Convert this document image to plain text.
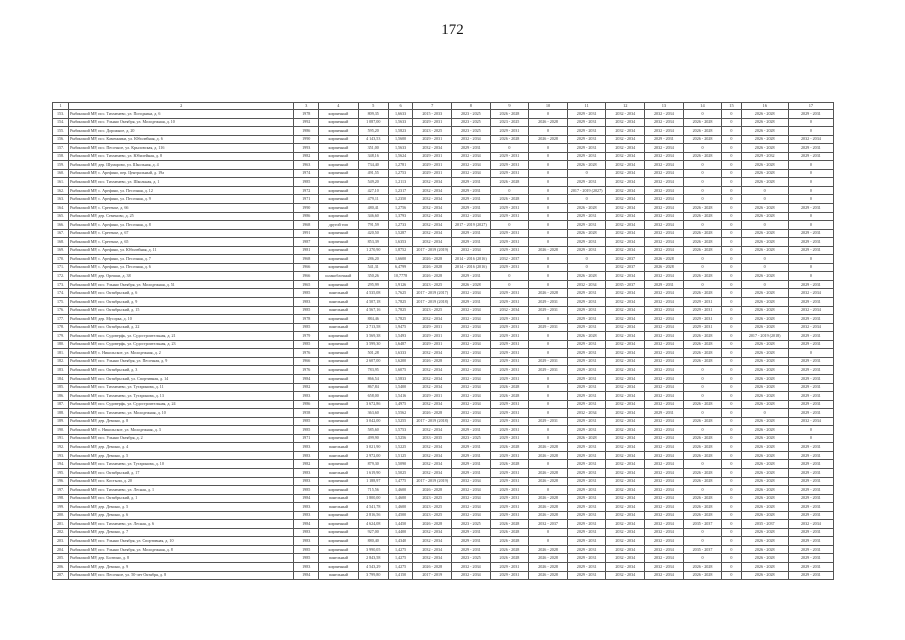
172
1	2	3	4	5	6	7	8	9	10	11	12	13	14	15	16	17
153.	Рыбинский МР, пос. Тихменево, ул. Погодкина, д. 6	1978	кирпичный	809,35	1,6633	2015 - 2033	2023 - 2025	2026 - 2028	0	2029 - 2031	2032 - 2034	2032 - 2034	0	0	2026 - 2028	2029 - 2031
154.	Рыбинский МР, пос. Ульяно Октября, ул. Молодежная, д. 10	1992	кирпичный	1 087,00	1,5633	2029 - 2031	2023 - 2025	2023 - 2025	2026 - 2028	2029 - 2031	2032 - 2034	2032 - 2034	2026 - 2028	0	2026 - 2028	0
155.	Рыбинский МР, пос. Дорожное, д. 20	1986	кирпичный	595,20	1,5823	2023 - 2025	2023 - 2025	2029 - 2031	0	2029 - 2031	2032 - 2034	2032 - 2034	2026 - 2028	0	2026 - 2028	0
156.	Рыбинский МР, пос. Каменники, ул. Юбилейная, д. 6	1990	кирпичный	4 143,53	1,5600	2029 - 2031	2032 - 2034	2026 - 2028	2026 - 2028	2029 - 2031	2032 - 2034	2029 - 2031	2026 - 2028	0	2026 - 2028	2032 - 2034
157.	Рыбинский МР, пос. Песочное, ул. Крыловская, д. 116	1993	кирпичный	351,00	1,5633	2032 - 2034	2029 - 2031	0	0	2029 - 2031	2032 - 2034	2032 - 2034	0	0	2026 - 2028	2029 - 2031
158.	Рыбинский МР, пос. Тихменево, ул. Юбилейная, д. 8	1982	кирпичный	348,16	1,5624	2029 - 2031	2032 - 2034	2029 - 2031	0	2029 - 2031	2032 - 2034	2032 - 2034	2026 - 2028	0	2029 - 2032	2029 - 2031
159.	Рыбинский МР, дер. Шумарово, ул. Школьная, д. 4	1963	кирпичный	734,40	1,2781	2029 - 2031	2032 - 2034	2029 - 2031	0	2026 - 2028	2032 - 2034	2032 - 2034	0	0	2026 - 2028	0
160.	Рыбинский МР, с. Арефино, пер. Центральный, д. 19а	1974	кирпичный	491,55	1,2753	2029 - 2031	2032 - 2034	2029 - 2031	0	0	2032 - 2034	2032 - 2034	0	0	2026 - 2028	0
161.	Рыбинский МР, пос. Тихменево, ул. Школьная, д. 1	1985	кирпичный	549,20	1,2113	2032 - 2034	2029 - 2031	2026 - 2028	0	2029 - 2031	2032 - 2034	2032 - 2034	0	0	2026 - 2028	0
162.	Рыбинский МР, с. Арефино, ул. Песочная, д. 12	1972	кирпичный	427,10	1,2317	2032 - 2034	2029 - 2031	0	0	2017 - 2019 (2027)	2032 - 2034	2032 - 2034	0	0	0	0
163.	Рыбинский МР, с. Арефино, ул. Песочная, д. 9	1971	кирпичный	479,11	1,2350	2032 - 2034	2029 - 2031	2026 - 2028	0	0	2032 - 2034	2032 - 2034	0	0	0	0
164.	Рыбинский МР, с. Сретенье, д. 66	1990	кирпичный	480,41	1,2756	2032 - 2034	2029 - 2031	2029 - 2031	0	2026 - 2028	2032 - 2034	2032 - 2034	2026 - 2028	0	2026 - 2028	2029 - 2031
165.	Рыбинский МР, дер. Семеново, д. 25	1986	кирпичный	346,60	1,3793	2032 - 2034	2032 - 2034	2029 - 2031	0	2029 - 2031	2032 - 2034	2032 - 2034	2026 - 2028	0	2026 - 2028	0
166.	Рыбинский МР, с. Арефино, ул. Песочная, д. 8	1968	другой тип	791,59	1,2733	2032 - 2034	2017 - 2019 (2027)	0	0	2029 - 2031	2032 - 2034	2032 - 2034	0	0	0	0
167.	Рыбинский МР, с. Сретенье, д. 67	1991	кирпичный	420,50	1,5287	2032 - 2034	2029 - 2031	2029 - 2031	0	2026 - 2028	2032 - 2034	2032 - 2034	2026 - 2028	0	2026 - 2028	2029 - 2031
168.	Рыбинский МР, с. Сретенье, д. 65	1987	кирпичный	853,39	1,6353	2032 - 2034	2029 - 2031	2029 - 2031	0	2029 - 2031	2032 - 2034	2032 - 2034	2026 - 2028	0	2026 - 2028	2029 - 2031
169.	Рыбинский МР, с. Арефино, ул. Юбилейная, д. 11	1981	кирпичный	1 270,90	1,8752	2017 - 2019 (2019)	2032 - 2034	2029 - 2031	2026 - 2028	2029 - 2031	2032 - 2034	2032 - 2034	2026 - 2028	0	2026 - 2028	2029 - 2031
170.	Рыбинский МР, с. Арефино, ул. Песочная, д. 7	1968	кирпичный	286,20	1,6600	2026 - 2028	2014 - 2016 (2016)	2032 - 2037	0	0	2032 - 2037	2026 - 2028	0	0	0	0
171.	Рыбинский МР, с. Арефино, ул. Песочная, д. 6	1966	кирпичный	541,31	6,4799	2026 - 2028	2014 - 2016 (2016)	2029 - 2031	0	0	2032 - 2037	2026 - 2028	0	0	0	0
172.	Рыбинский МР, дер. Орешки, д. 38	1966	шлакоблочный	350,26	10,7778	2026 - 2028	2029 - 2031	0	0	2026 - 2028	2032 - 2034	2032 - 2034	2026 - 2028	0	2026 - 2028	0
173.	Рыбинский МР, пос. Ульяно Октября, ул. Молодежная, д. 51	1965	кирпичный	295,99	1,9126	2023 - 2025	2026 - 2028	0	0	2032 - 2034	2035 - 2037	2029 - 2031	0	0	0	2029 - 2031
174.	Рыбинский МР, пос. Октябрьский, д. 6	1985	панельный	4 535,08	1,7625	2017 - 2019 (2017)	2032 - 2034	2029 - 2031	2026 - 2028	2029 - 2031	2032 - 2034	2032 - 2034	2026 - 2028	0	2026 - 2028	2032 - 2034
175.	Рыбинский МР, пос. Октябрьский, д. 9	1983	панельный	4 507,18	1,7825	2017 - 2019 (2018)	2029 - 2031	2029 - 2031	2029 - 2031	2029 - 2031	2032 - 2034	2032 - 2034	2029 - 2031	0	2026 - 2028	2029 - 2031
176.	Рыбинский МР, пос. Октябрьский, д. 15	1985	панельный	4 567,16	1,7825	2023 - 2025	2032 - 2034	2032 - 2034	2029 - 2031	2029 - 2031	2032 - 2034	2032 - 2034	2029 - 2031	0	2026 - 2028	2032 - 2034
177.	Рыбинский МР, дер. Мусорка, д. 10	1978	кирпичный	884,46	1,7825	2032 - 2034	2032 - 2034	2029 - 2031	0	2029 - 2031	2032 - 2034	2032 - 2034	2029 - 2031	0	2026 - 2028	2029 - 2031
178.	Рыбинский МР, пос. Октябрьский, д. 22	1985	панельный	2 713,58	1,9475	2029 - 2031	2032 - 2034	2029 - 2031	2029 - 2031	2029 - 2031	2032 - 2034	2032 - 2034	2029 - 2031	0	2026 - 2028	2032 - 2034
179.	Рыбинский МР, пос. Судоверфь, ул. Судостроительная, д. 21	1979	кирпичный	3 569,38	1,5493	2029 - 2031	2032 - 2034	2029 - 2031	0	2026 - 2028	2032 - 2034	2032 - 2034	2026 - 2028	0	2017 - 2019 (2018)	2029 - 2031
180.	Рыбинский МР, пос. Судоверфь, ул. Судостроительная, д. 23	1985	кирпичный	3 599,30	1,6487	2029 - 2031	2032 - 2034	2029 - 2031	0	2029 - 2031	2032 - 2034	2032 - 2034	2026 - 2028	0	2026 - 2028	2029 - 2031
181.	Рыбинский МР, с. Никольское, ул. Молодежная, д. 2	1976	кирпичный	501,28	1,6333	2032 - 2034	2032 - 2034	2029 - 2031	0	2029 - 2031	2032 - 2034	2032 - 2034	2026 - 2028	0	2026 - 2028	0
182.	Рыбинский МР, пос. Ульяно Октября, ул. Песочная, д. 9	1966	кирпичный	2 607,00	1,6200	2026 - 2028	2032 - 2034	2029 - 2031	2029 - 2031	2029 - 2031	2032 - 2034	2032 - 2034	2026 - 2028	0	2026 - 2028	2029 - 2031
183.	Рыбинский МР, пос. Октябрьский, д. 3	1976	кирпичный	783,95	1,6075	2032 - 2034	2032 - 2034	2029 - 2031	2029 - 2031	2029 - 2031	2032 - 2034	2032 - 2034	0	0	2026 - 2028	2029 - 2031
184.	Рыбинский МР, пос. Октябрьский, ул. Спортивная, д. 14	1984	кирпичный	866,54	1,5833	2032 - 2034	2032 - 2034	2029 - 2031	0	2029 - 2031	2032 - 2034	2032 - 2034	0	0	2026 - 2028	2029 - 2031
185.	Рыбинский МР, пос. Тихменево, ул. Тутаринова, д. 11	1982	кирпичный	867,84	1,5400	2032 - 2034	2032 - 2034	2026 - 2028	0	2029 - 2031	2032 - 2034	2032 - 2034	0	0	2026 - 2028	2029 - 2031
186.	Рыбинский МР, пос. Тихменево, ул. Тутаринова, д. 13	1983	кирпичный	658,00	1,5416	2029 - 2031	2032 - 2034	2026 - 2028	0	2029 - 2031	2032 - 2034	2032 - 2034	0	0	2026 - 2028	2029 - 2031
187.	Рыбинский МР, пос. Судоверфь, ул. Судостроительная, д. 24	1986	кирпичный	3 672,86	1,4975	2032 - 2034	2032 - 2034	2029 - 2031	0	2029 - 2031	2032 - 2034	2032 - 2034	2026 - 2028	0	2026 - 2028	2029 - 2031
188.	Рыбинский МР, пос. Тихменево, ул. Молодежная, д. 10	1958	кирпичный	363,60	1,5562	2026 - 2028	2032 - 2034	2029 - 2031	0	2032 - 2034	2032 - 2034	2029 - 2031	0	0	0	2029 - 2031
189.	Рыбинский МР, дер. Демино, д. 8	1985	кирпичный	3 042,00	1,5255	2017 - 2019 (2018)	2032 - 2034	2029 - 2031	2029 - 2031	2029 - 2031	2032 - 2034	2032 - 2034	2026 - 2028	0	2026 - 2028	2032 - 2034
190.	Рыбинский МР, с. Никольское, ул. Молодежная, д. 3	1985	кирпичный	585,60	1,5753	2032 - 2034	2029 - 2031	2029 - 2031	0	2029 - 2031	2032 - 2034	2032 - 2034	0	0	2026 - 2028	0
191.	Рыбинский МР, пос. Ульяно Октября, д. 2	1971	кирпичный	499,90	1,5256	2033 - 2035	2023 - 2025	2029 - 2031	0	2026 - 2028	2032 - 2034	2032 - 2034	2026 - 2028	0	2026 - 2028	0
192.	Рыбинский МР, дер. Демино, д. 4	1983	панельный	3 021,90	1,5225	2032 - 2034	2029 - 2031	2026 - 2028	2026 - 2028	2029 - 2031	2032 - 2034	2032 - 2034	2026 - 2028	0	2026 - 2028	2029 - 2031
193.	Рыбинский МР, дер. Демино, д. 5	1983	панельный	2 972,00	1,5125	2032 - 2034	2029 - 2031	2029 - 2031	2026 - 2028	2029 - 2031	2032 - 2034	2032 - 2034	2026 - 2028	0	2026 - 2028	2029 - 2031
194.	Рыбинский МР, пос. Тихменево, ул. Тутаринова, д. 10	1982	кирпичный	879,30	1,5090	2032 - 2034	2029 - 2031	2026 - 2028	0	2029 - 2031	2032 - 2034	2032 - 2034	0	0	2026 - 2028	2029 - 2031
195.	Рыбинский МР, пос. Октябрьский, д. 17	1983	панельный	1 619,90	1,5025	2032 - 2034	2029 - 2031	2029 - 2031	2026 - 2028	2029 - 2031	2032 - 2034	2032 - 2034	2026 - 2028	0	2026 - 2028	2029 - 2031
196.	Рыбинский МР, пос. Костыли, д. 20	1983	кирпичный	1 188,97	1,4775	2017 - 2019 (2019)	2032 - 2034	2029 - 2031	2026 - 2028	2029 - 2031	2032 - 2034	2032 - 2034	2026 - 2028	0	2026 - 2028	2029 - 2031
197.	Рыбинский МР, пос. Тихменево, ул. Лесная, д. 1	1985	кирпичный	715,56	1,4600	2026 - 2028	2032 - 2034	2029 - 2031	0	2029 - 2031	2032 - 2034	2032 - 2034	0	0	2026 - 2028	2029 - 2031
198.	Рыбинский МР, пос. Октябрьский, д. 1	1984	панельный	1 800,00	1,4600	2023 - 2025	2032 - 2034	2029 - 2031	2026 - 2028	2029 - 2031	2032 - 2034	2032 - 2034	2026 - 2028	0	2026 - 2028	2029 - 2031
199.	Рыбинский МР, дер. Демино, д. 5	1983	панельный	4 541,78	1,4600	2023 - 2025	2032 - 2034	2029 - 2031	2026 - 2028	2029 - 2031	2032 - 2034	2032 - 2034	2026 - 2028	0	2026 - 2028	2029 - 2031
200.	Рыбинский МР, дер. Демино, д. 6	1983	кирпичный	2 816,56	1,4500	2023 - 2025	2032 - 2034	2029 - 2031	2026 - 2028	2029 - 2031	2032 - 2034	2032 - 2034	2026 - 2028	0	2026 - 2028	2029 - 2031
201.	Рыбинский МР, пос. Тихменево, ул. Лесная, д. 6	1984	кирпичный	4 624,08	1,4450	2026 - 2028	2023 - 2025	2026 - 2028	2032 - 2037	2029 - 2031	2032 - 2034	2032 - 2034	2035 - 2037	0	2035 - 2037	2032 - 2034
202.	Рыбинский МР, дер. Демино, д. 7	1983	кирпичный	927,00	1,4400	2032 - 2034	2029 - 2031	2026 - 2028	0	2029 - 2031	2032 - 2034	2032 - 2034	0	0	2026 - 2028	2029 - 2031
203.	Рыбинский МР, пос. Ульяно Октября, ул. Спортивная, д. 10	1983	кирпичный	880,40	1,4340	2032 - 2034	2029 - 2031	2026 - 2028	0	2029 - 2031	2032 - 2034	2032 - 2034	0	0	2026 - 2028	2029 - 2031
204.	Рыбинский МР, пос. Ульяно Октября, ул. Молодежная, д. 8	1985	кирпичный	3 990,05	1,4275	2032 - 2034	2029 - 2031	2026 - 2028	2026 - 2028	2029 - 2031	2032 - 2034	2032 - 2034	2035 - 2037	0	2026 - 2028	2029 - 2031
205.	Рыбинский МР, дер. Болтино, д. 8	1985	панельный	2 843,58	1,4275	2032 - 2034	2023 - 2025	2026 - 2028	2026 - 2028	2029 - 2031	2032 - 2034	2032 - 2034	0	0	2026 - 2028	2029 - 2031
206.	Рыбинский МР, дер. Демино, д. 9	1983	кирпичный	4 543,29	1,4275	2026 - 2028	2032 - 2034	2029 - 2031	2026 - 2028	2029 - 2031	2032 - 2034	2032 - 2034	2026 - 2028	0	2026 - 2028	2029 - 2031
207.	Рыбинский МР, пос. Песочное, ул. 50-лет Октября, д. 8	1984	панельный	3 799,80	1,4150	2017 - 2019	2032 - 2034	2029 - 2031	2026 - 2028	2029 - 2031	2032 - 2034	2032 - 2034	2026 - 2028	0	2026 - 2028	2029 - 2031
